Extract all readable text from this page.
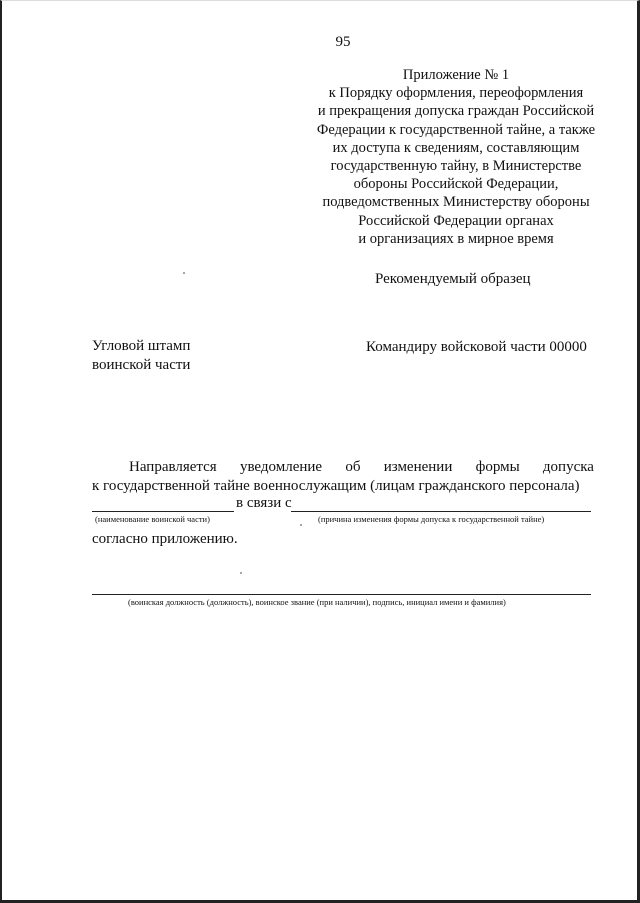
95
Приложение № 1
к Порядку оформления, переоформления
и прекращения допуска граждан Российской
Федерации к государственной тайне, а также
их доступа к сведениям, составляющим
государственную тайну, в Министерстве
обороны Российской Федерации,
подведомственных Министерству обороны
Российской Федерации органах
и организациях в мирное время
Рекомендуемый образец
Угловой штамп
воинской части
Командиру войсковой части 00000
Направляется уведомление об изменении формы допуска
к государственной тайне военнослужащим (лицам гражданского персонала)
в связи с
(наименование воинской части)	(причина изменения формы допуска к государственной тайне)
согласно приложению.
(воинская должность (должность), воинское звание (при наличии), подпись, инициал имени и фамилия)
